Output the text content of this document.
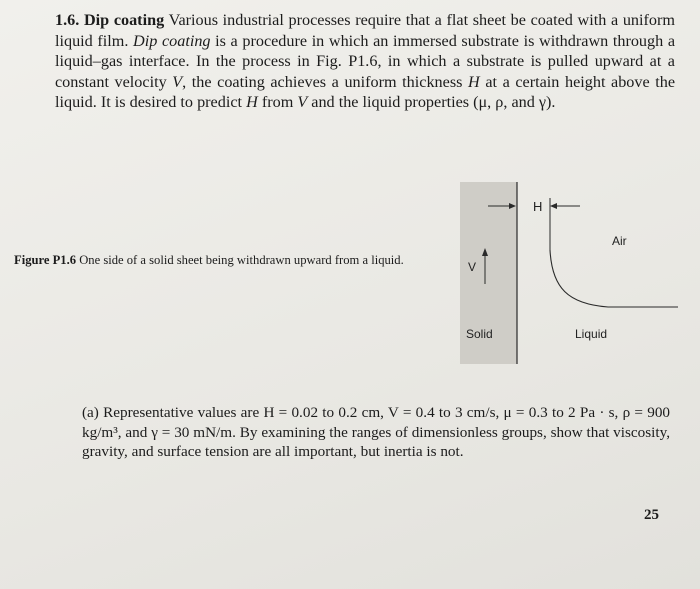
1.6. Dip coating Various industrial processes require that a flat sheet be coated with a uniform liquid film. Dip coating is a procedure in which an immersed substrate is withdrawn through a liquid–gas interface. In the process in Fig. P1.6, in which a substrate is pulled upward at a constant velocity V, the coating achieves a uniform thickness H at a certain height above the liquid. It is desired to predict H from V and the liquid properties (μ, ρ, and γ).
Figure P1.6 One side of a solid sheet being withdrawn upward from a liquid.
H
Air
V
Solid	Liquid
(a) Representative values are H = 0.02 to 0.2 cm, V = 0.4 to 3 cm/s, μ = 0.3 to 2 Pa · s, ρ = 900 kg/m³, and γ = 30 mN/m. By examining the ranges of dimensionless groups, show that viscosity, gravity, and surface tension are all important, but inertia is not.
25
